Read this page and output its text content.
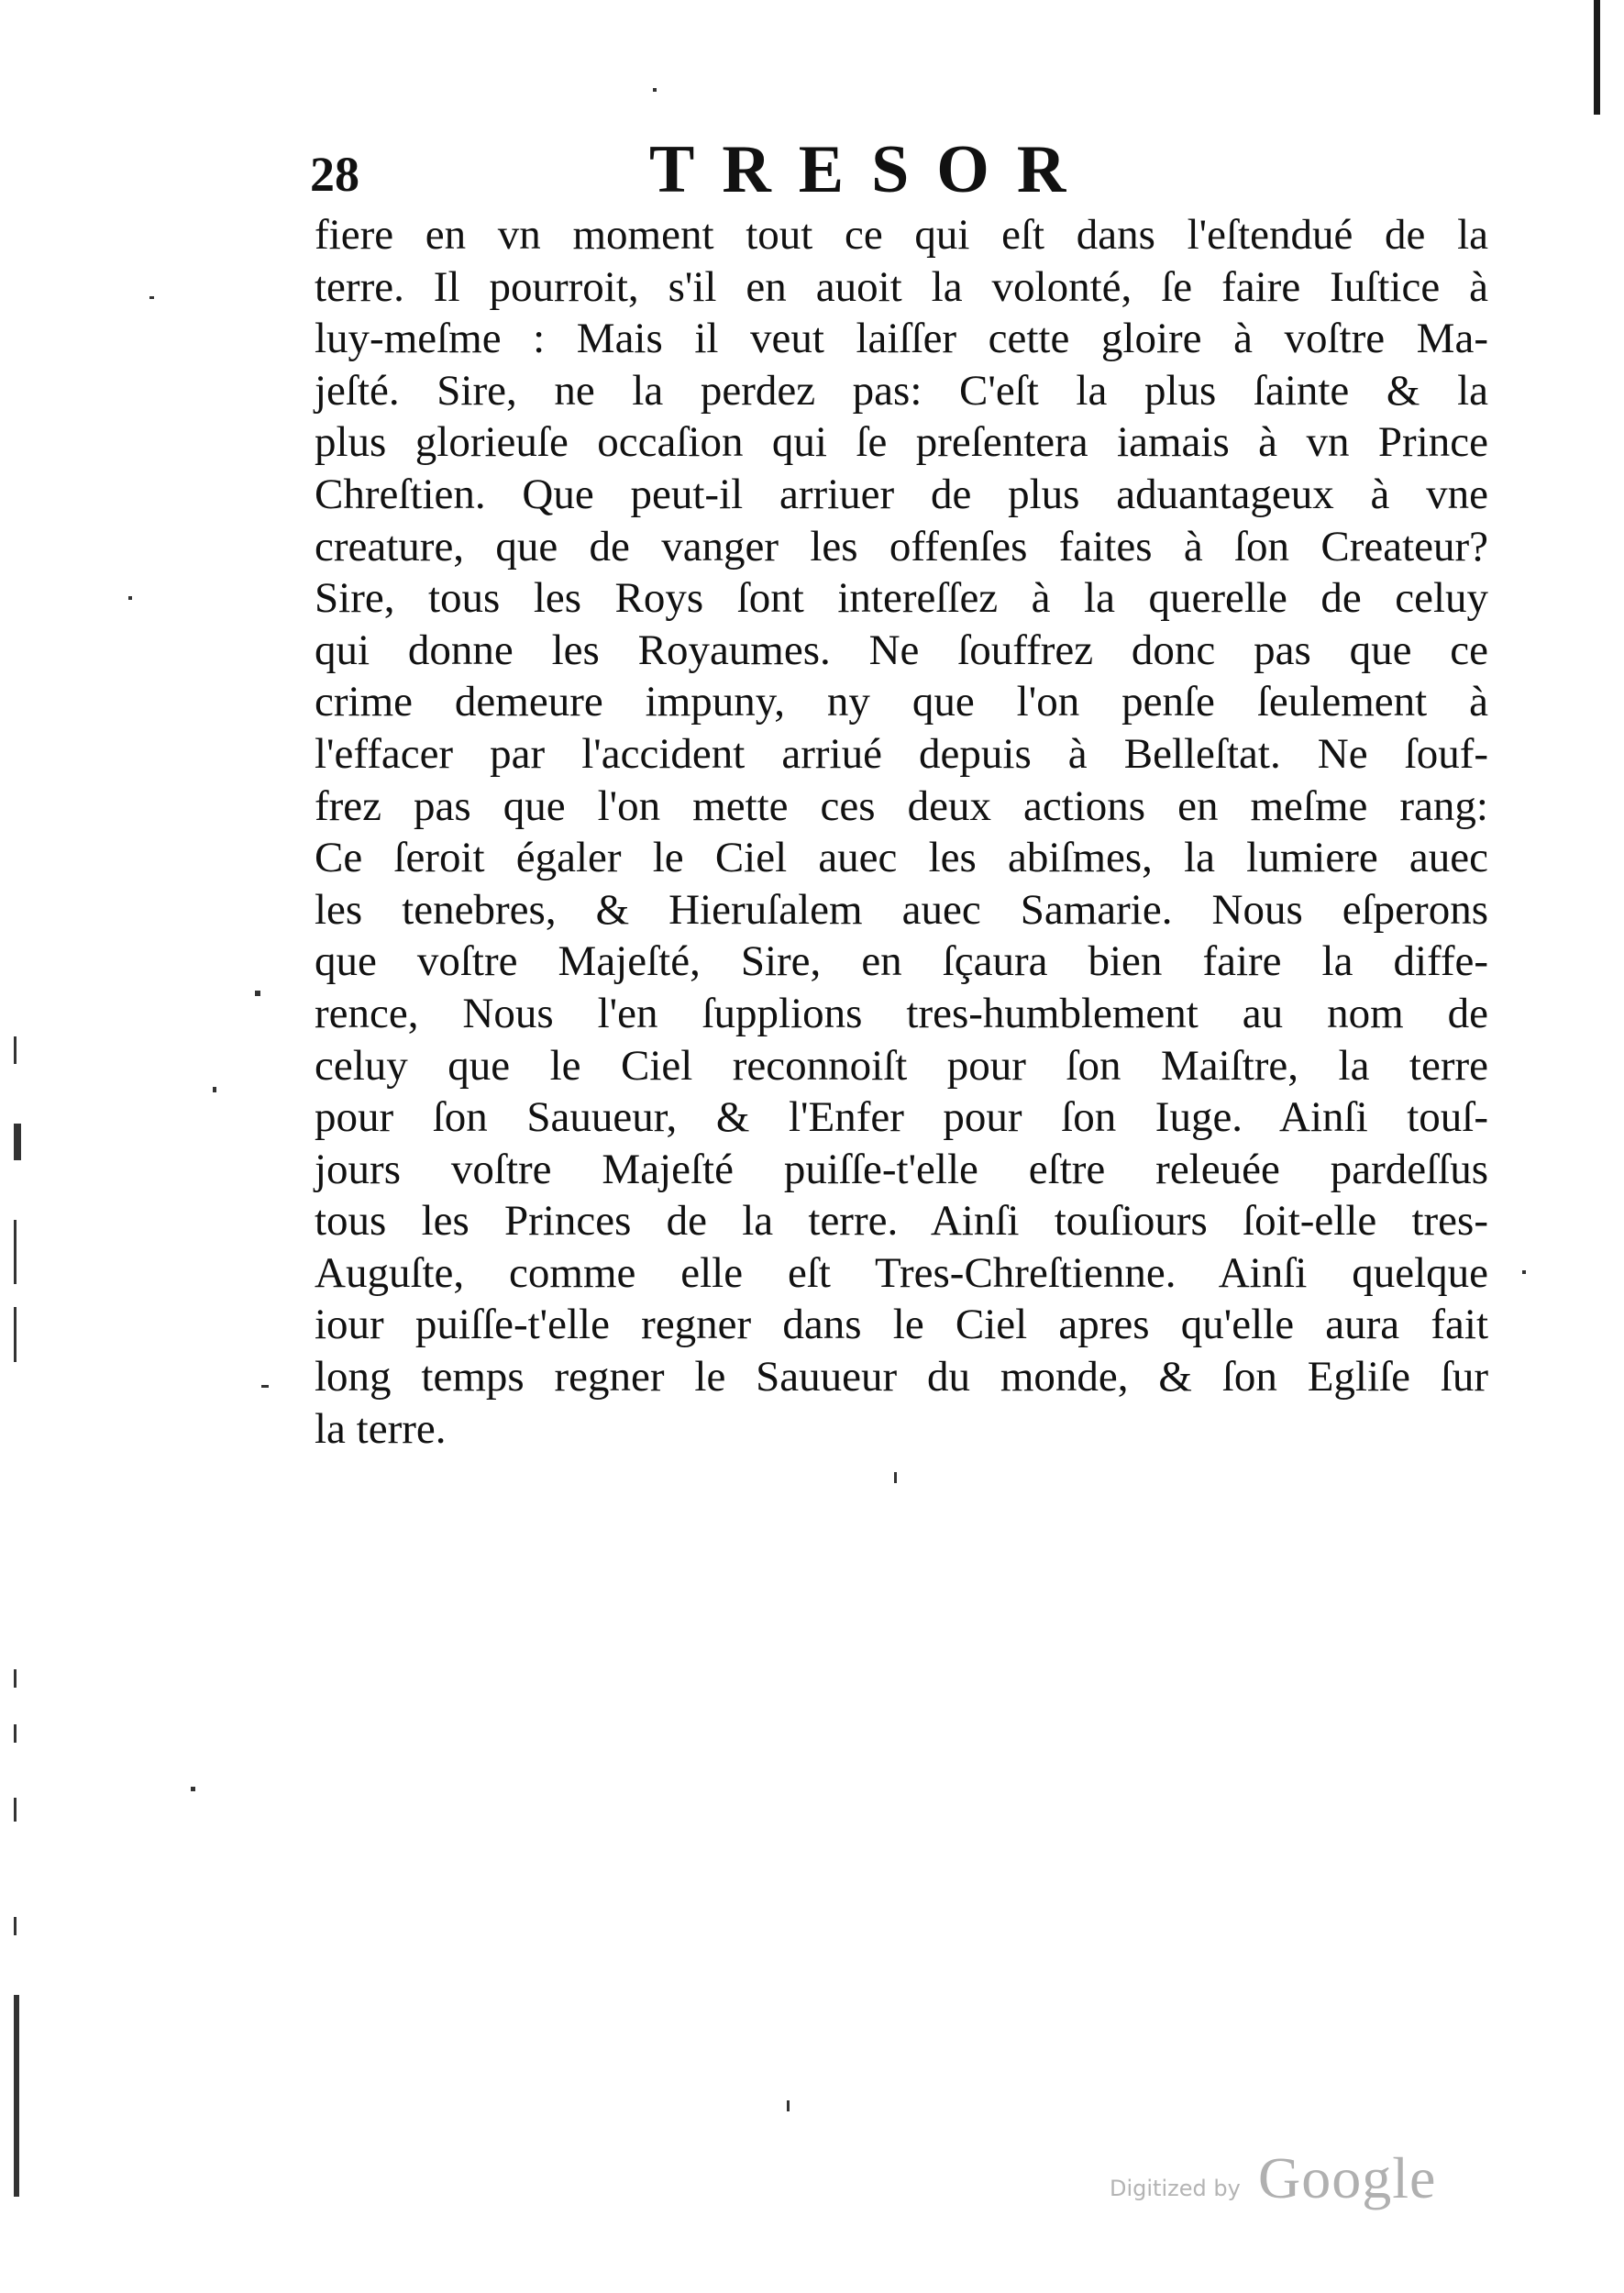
28	TRESOR
fiere en vn moment tout ce qui eſt dans l'eſtendué de la
terre. Il pourroit, s'il en auoit la volonté, ſe faire Iuſtice à
luy-meſme : Mais il veut laiſſer cette gloire à voſtre Ma-
jeſté. Sire, ne la perdez pas: C'eſt la plus ſainte & la
plus glorieuſe occaſion qui ſe preſentera iamais à vn Prince
Chreſtien. Que peut-il arriuer de plus aduantageux à vne
creature, que de vanger les offenſes faites à ſon Createur?
Sire, tous les Roys ſont intereſſez à la querelle de celuy
qui donne les Royaumes. Ne ſouffrez donc pas que ce
crime demeure impuny, ny que l'on penſe ſeulement à
l'effacer par l'accident arriué depuis à Belleſtat. Ne ſouf-
frez pas que l'on mette ces deux actions en meſme rang:
Ce ſeroit égaler le Ciel auec les abiſmes, la lumiere auec
les tenebres, & Hieruſalem auec Samarie. Nous eſperons
que voſtre Majeſté, Sire, en ſçaura bien faire la diffe-
rence, Nous l'en ſupplions tres-humblement au nom de
celuy que le Ciel reconnoiſt pour ſon Maiſtre, la terre
pour ſon Sauueur, & l'Enfer pour ſon Iuge. Ainſi touſ-
jours voſtre Majeſté puiſſe-t'elle eſtre releuée pardeſſus
tous les Princes de la terre. Ainſi touſiours ſoit-elle tres-
Auguſte, comme elle eſt Tres-Chreſtienne. Ainſi quelque
iour puiſſe-t'elle regner dans le Ciel apres qu'elle aura fait
long temps regner le Sauueur du monde, & ſon Egliſe ſur
la terre.
Digitized by Google
